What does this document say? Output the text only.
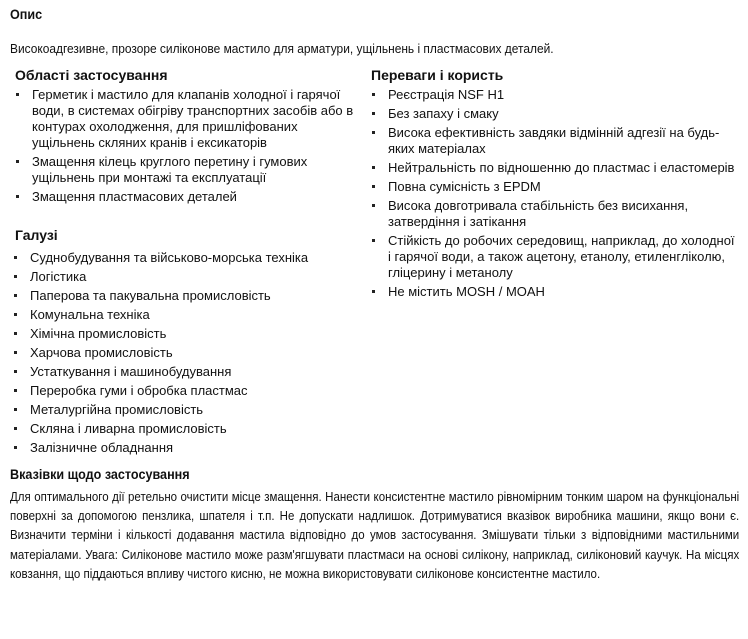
Опис

Високоадгезивне, прозоре силіконове мастило для арматури, ущільнень і пластмасових деталей.

Області застосування
Герметик і мастило для клапанів холодної і гарячої води, в системах обігріву транспортних засобів або в контурах охолодження, для пришліфованих ущільнень скляних кранів і ексикаторів
Змащення кілець круглого перетину і гумових ущільнень при монтажі та експлуатації
Змащення пластмасових деталей
Переваги і користь
Реєстрація NSF H1
Без запаху і смаку
Висока ефективність завдяки відмінній адгезії на будь-яких матеріалах
Нейтральність по відношенню до пластмас і еластомерів
Повна сумісність з EPDM
Висока довготривала стабільність без висихання, затвердіння і затікання
Стійкість до робочих середовищ, наприклад, до холодної і гарячої води, а також ацетону, етанолу, етиленгліколю, гліцерину і метанолу
Не містить MOSH / MOAH
Галузі
Суднобудування та військово-морська техніка
Логістика
Паперова та пакувальна промисловість
Комунальна техніка
Хімічна промисловість
Харчова промисловість
Устаткування і машинобудування
Переробка гуми і обробка пластмас
Металургійна промисловість
Скляна і ливарна промисловість
Залізничне обладнання
Вказівки щодо застосування

Для оптимального дії ретельно очистити місце змащення. Нанести консистентне мастило рівномірним тонким шаром на функціональні поверхні за допомогою пензлика, шпателя і т.п. Не допускати надлишок. Дотримуватися вказівок виробника машини, якщо вони є. Визначити терміни і кількості додавання мастила відповідно до умов застосування. Змішувати тільки з відповідними мастильними матеріалами. Увага: Силіконове мастило може разм'ягшувати пластмаси на основі силікону, наприклад, силіконовий каучук. На місцях ковзання, що піддаються впливу чистого кисню, не можна використовувати силіконове консистентне мастило.
